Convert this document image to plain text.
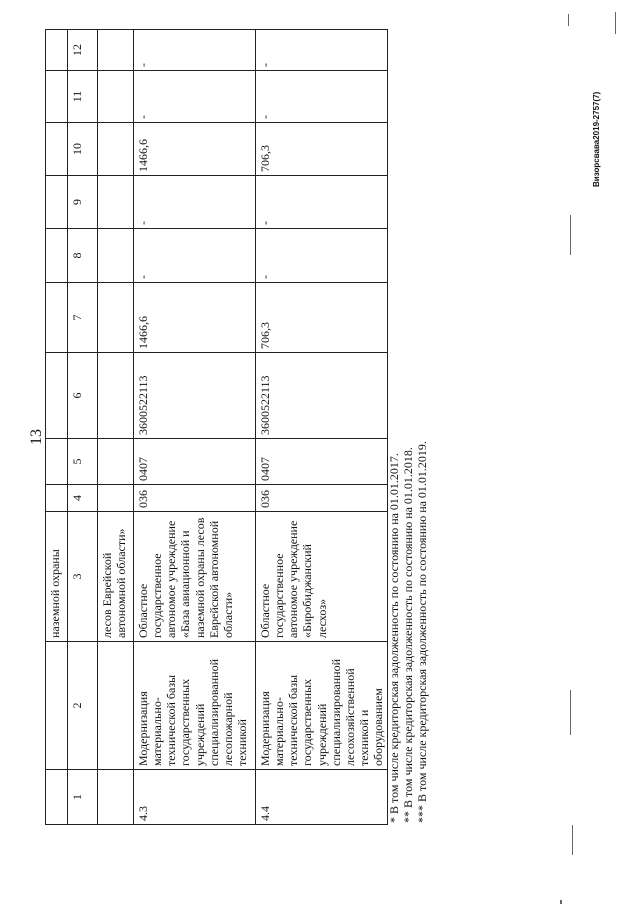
13
		наземной охраны									
1	2	3	4	5	6	7	8	9	10	11	12
		лесов Еврейской автономной области»									
4.3	Модернизация материально-технической базы государственных учреждений специализированной лесопожарной техникой	Областное государственное автономое учреждение «База авиационной и наземной охраны лесов Еврейской автономной области»	036	0407	3600522113	1466,6	-	-	1466,6	-	-
4.4	Модернизация материально-технической базы государственных учреждений специализированной лесохозяйственной техникой и оборудованием	Областное государственное автономое учреждение «Биробиджанский лесхоз»	036	0407	3600522113	706,3	-	-	706,3	-	-
* В том числе кредиторская задолженность по состоянию на 01.01.2017. ** В том числе кредиторская задолженность по состоянию на 01.01.2018. *** В том числе кредиторская задолженность по состоянию на 01.01.2019.
Визорсвава2019-2757(7)
